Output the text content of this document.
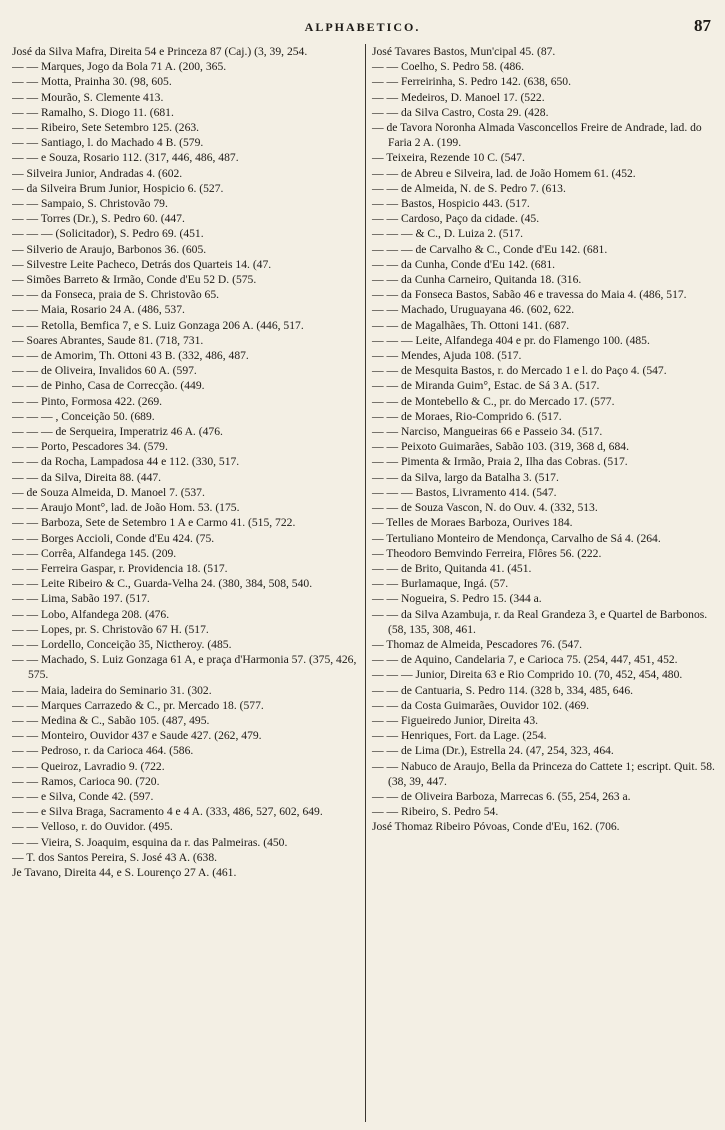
ALPHABETICO.	87
José da Silva Mafra, Direita 54 e Princeza 87 (Caj.) (3, 39, 254.
— — Marques, Jogo da Bola 71 A. (200, 365.
— — Motta, Prainha 30. (98, 605.
— — Mourão, S. Clemente 413.
— — Ramalho, S. Diogo 11. (681.
— — Ribeiro, Sete Setembro 125. (263.
— — Santiago, l. do Machado 4 B. (579.
— — e Souza, Rosario 112. (317, 446, 486, 487.
— Silveira Junior, Andradas 4. (602.
— da Silveira Brum Junior, Hospicio 6. (527.
— — Sampaio, S. Christovão 79.
— — Torres (Dr.), S. Pedro 60. (447.
— — — (Solicitador), S. Pedro 69. (451.
— Silverio de Araujo, Barbonos 36. (605.
— Silvestre Leite Pacheco, Detrás dos Quarteis 14. (47.
— Simões Barreto & Irmão, Conde d'Eu 52 D. (575.
— — da Fonseca, praia de S. Christovão 65.
— — Maia, Rosario 24 A. (486, 537.
— — Retolla, Bemfica 7, e S. Luiz Gonzaga 206 A. (446, 517.
— Soares Abrantes, Saude 81. (718, 731.
— — de Amorim, Th. Ottoni 43 B. (332, 486, 487.
— — de Oliveira, Invalidos 60 A. (597.
— — de Pinho, Casa de Correcção. (449.
— — Pinto, Formosa 422. (269.
— — — , Conceição 50. (689.
— — — de Serqueira, Imperatriz 46 A. (476.
— — Porto, Pescadores 34. (579.
— — da Rocha, Lampadosa 44 e 112. (330, 517.
— — da Silva, Direita 88. (447.
— de Souza Almeida, D. Manoel 7. (537.
— — Araujo Mont°, lad. de João Hom. 53. (175.
— — Barboza, Sete de Setembro 1 A e Carmo 41. (515, 722.
— — Borges Accioli, Conde d'Eu 424. (75.
— — Corrêa, Alfandega 145. (209.
— — Ferreira Gaspar, r. Providencia 18. (517.
— — Leite Ribeiro & C., Guarda-Velha 24. (380, 384, 508, 540.
— — Lima, Sabão 197. (517.
— — Lobo, Alfandega 208. (476.
— — Lopes, pr. S. Christovão 67 H. (517.
— — Lordello, Conceição 35, Nictheroy. (485.
— — Machado, S. Luiz Gonzaga 61 A, e praça d'Harmonia 57. (375, 426, 575.
— — Maia, ladeira do Seminario 31. (302.
— — Marques Carrazedo & C., pr. Mercado 18. (577.
— — Medina & C., Sabão 105. (487, 495.
— — Monteiro, Ouvidor 437 e Saude 427. (262, 479.
— — Pedroso, r. da Carioca 464. (586.
— — Queiroz, Lavradio 9. (722.
— — Ramos, Carioca 90. (720.
— — e Silva, Conde 42. (597.
— — e Silva Braga, Sacramento 4 e 4 A. (333, 486, 527, 602, 649.
— — Velloso, r. do Ouvidor. (495.
— — Vieira, S. Joaquim, esquina da r. das Palmeiras. (450.
— T. dos Santos Pereira, S. José 43 A. (638.
Je Tavano, Direita 44, e S. Lourenço 27 A. (461.
José Tavares Bastos, Mun'cipal 45. (87.
— — Coelho, S. Pedro 58. (486.
— — Ferreirinha, S. Pedro 142. (638, 650.
— — Medeiros, D. Manoel 17. (522.
— — da Silva Castro, Costa 29. (428.
— de Tavora Noronha Almada Vasconcellos Freire de Andrade, lad. do Faria 2 A. (199.
— Teixeira, Rezende 10 C. (547.
— — de Abreu e Silveira, lad. de João Homem 61. (452.
— — de Almeida, N. de S. Pedro 7. (613.
— — Bastos, Hospicio 443. (517.
— — Cardoso, Paço da cidade. (45.
— — — & C., D. Luiza 2. (517.
— — — de Carvalho & C., Conde d'Eu 142. (681.
— — da Cunha, Conde d'Eu 142. (681.
— — da Cunha Carneiro, Quitanda 18. (316.
— — da Fonseca Bastos, Sabão 46 e travessa do Maia 4. (486, 517.
— — Machado, Uruguayana 46. (602, 622.
— — de Magalhães, Th. Ottoni 141. (687.
— — — Leite, Alfandega 404 e pr. do Flamengo 100. (485.
— — Mendes, Ajuda 108. (517.
— — de Mesquita Bastos, r. do Mercado 1 e l. do Paço 4. (547.
— — de Miranda Guim°, Estac. de Sá 3 A. (517.
— — de Montebello & C., pr. do Mercado 17. (577.
— — de Moraes, Rio-Comprido 6. (517.
— — Narciso, Mangueiras 66 e Passeio 34. (517.
— — Peixoto Guimarães, Sabão 103. (319, 368 d, 684.
— — Pimenta & Irmão, Praia 2, Ilha das Cobras. (517.
— — da Silva, largo da Batalha 3. (517.
— — — Bastos, Livramento 414. (547.
— — de Souza Vascon, N. do Ouv. 4. (332, 513.
— Telles de Moraes Barboza, Ourives 184.
— Tertuliano Monteiro de Mendonça, Carvalho de Sá 4. (264.
— Theodoro Bemvindo Ferreira, Flôres 56. (222.
— — de Brito, Quitanda 41. (451.
— — Burlamaque, Ingá. (57.
— — Nogueira, S. Pedro 15. (344 a.
— — da Silva Azambuja, r. da Real Grandeza 3, e Quartel de Barbonos. (58, 135, 308, 461.
— Thomaz de Almeida, Pescadores 76. (547.
— — de Aquino, Candelaria 7, e Carioca 75. (254, 447, 451, 452.
— — — Junior, Direita 63 e Rio Comprido 10. (70, 452, 454, 480.
— — de Cantuaria, S. Pedro 114. (328 b, 334, 485, 646.
— — da Costa Guimarães, Ouvidor 102. (469.
— — Figueiredo Junior, Direita 43.
— — Henriques, Fort. da Lage. (254.
— — de Lima (Dr.), Estrella 24. (47, 254, 323, 464.
— — Nabuco de Araujo, Bella da Princeza do Cattete 1; escript. Quit. 58. (38, 39, 447.
— — de Oliveira Barboza, Marrecas 6. (55, 254, 263 a.
— — Ribeiro, S. Pedro 54.
José Thomaz Ribeiro Póvoas, Conde d'Eu, 162. (706.
